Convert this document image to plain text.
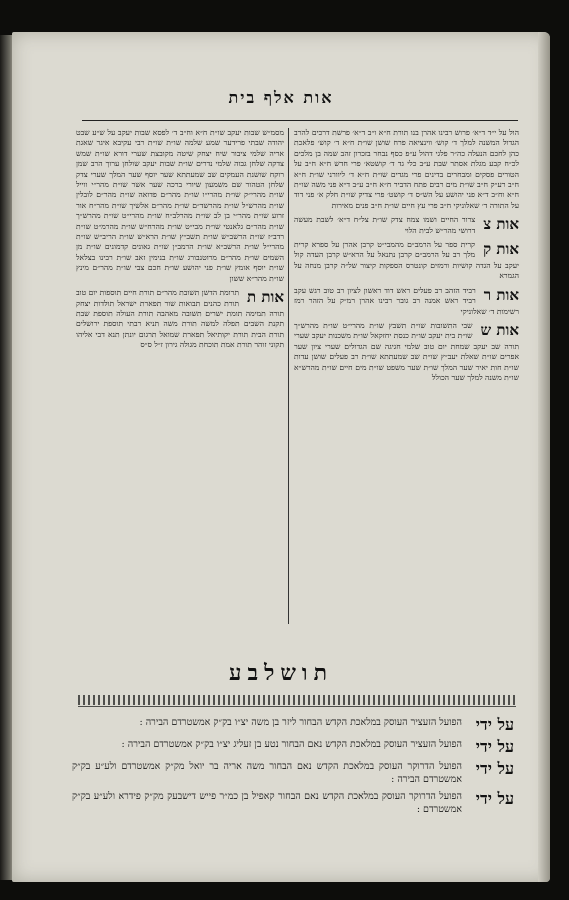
אות אלף בית
הול על י״ד ד״א׳ פרוש רבינו אהרן בנו תורת ח״א ו״ב ד״א׳ פרשת דרכים להרב הגדול המשנה למלך ד׳ קוש׳ ווינציאה פרח שושן שו״ת ח״א ד׳ קוש׳ פלאכת כהן לחכם הנעלה כה״ר פלגי דהול ע״פ כסף נבחר בזכרון זהב שמה בן מלכים לכ״ח קבע מגלת אסתר שבת ע״ב כלי גד ד׳ קושטא׳ פרי חדש ח״א ח״ב על הטורים פסקים ומבחרים בדינים פרי מגדים שו״ת ח״א ד׳ ליוורני שו״ת ח״א ח״ב רע״ק ח״ב שו״ת מים רבים פתח הדביר ח״א ח״ב ע״ב ד״א פני משה שו״ת ח״א וח״ב ד״א פני יהושע על הש״ס ד׳ קושט׳ פרי צדיק שו״ת חלק א׳ פני דוד על התורה ד׳ שאלוניקי ח״ב פרי עץ חיים שו״ת ח״ב פנים מאירות
אות צ
צרור החיים ושמו צמח צדק שו״ת צל״ח ד״א׳ לשבת מעשה דרושי מהר״ש לבית הלוי
אות ק
קרית ספר על הרמב״ם מהמבי״ט קרבן אהרן על ספרא קרית מלך רב על הרמב״ם קרבן נתנאל על הרא״ש קרבן העדה קול יעקב על הגדה קושיות ורמזים קונטרס הספקות קיצור של״ה קרבן מנחה על הגמרא
אות ר
רביד הזהב רב פעלים ראש דוד ראשון לציון רב טוב רגש עקב רביד ראש אמנה רב גובר רבינו אהרן רמ״ק על הזהר רמז רשימות ד׳ שאלוניקי
אות ש
שבי התשובות שו״ת תשבץ שו״ת מהרי״ט שו״ת מהרש״ך שו״ת בית יעקב שו״ת כנסת יחזקאל שו״ת משכנות יעקב שערי תורה שב יעקב שמחת יום טוב שלמי חגיגה שם הגדולים שערי ציון שער אפרים שו״ת שאלת יעב״ץ שו״ת שב שמעתתא שו״ת רב פעלים שושן עדות שו״ת חות יאיר שער המלך שו״ת שער משפט שו״ת מים חיים שו״ת מהרש״א שו״ת משנה למלך שער הכולל
מסמ״ש שבות יעקב שו״ת ח״א וח״ב ד׳ לפסא שבות יעקב על ש״ע שבט יהודה שבתי פרידער שמע שלמה שו״ת שו״ת רבי עקיבא איגר שאגת אריה שלמי ציבור שיח יצחק שיטה מקובצת שערי דורא שו״ת שמש צדקה שלחן גבוה שלמי נדרים שו״ת שבות יעקב שולחן ערוך הרב שמן רוקח שושנת העמקים שב שמעתתא שער יוסף שער המלך שערי צדק שלחן הטהור שם משמעון שיורי ברכה שער אשר שו״ת מהר״י ווייל שו״ת מהרי״ק שו״ת מהרי״ו שו״ת מהר״ם פדואה שו״ת מהר״ם לובלין שו״ת מהרש״ל שו״ת מהרשד״ם שו״ת מהר״ם אלשיך שו״ת מהר״ח אור זרוע שו״ת מהר״י בן לב שו״ת מהרלב״ח שו״ת מהרי״ט שו״ת מהרש״ך שו״ת מהר״ם גלאנטי שו״ת מבי״ט שו״ת מהרח״ש שו״ת מהרמ״ט שו״ת רדב״ז שו״ת הרשב״ש שו״ת תשב״ץ שו״ת הרא״ש שו״ת הריב״ש שו״ת מהרי״ל שו״ת הרשב״א שו״ת הרמב״ן שו״ת גאונים קדמונים שו״ת מן השמים שו״ת מהר״ם מרוטנבורג שו״ת בנימין זאב שו״ת רבינו בצלאל שו״ת יוסף אומץ שו״ת פני יהושע שו״ת חכם צבי שו״ת מהר״ם מינץ שו״ת מהר״א ששון
אות ת
תרומת הדשן תשובת מהר״ם תורת חיים תוספות יום טוב תורת כהנים תבואות שור תפארת ישראל תולדות יצחק תורה תמימה תומת ישרים תשובה מאהבה תורת העולה תוספת שבת תקנת השבים תפלה למשה תורת משה תניא רבתי תוספת ירושלים תורת הבית תורת יקותיאל תפארת שמואל תרגום יונתן תנא דבי אליהו תקוני זוהר תורת אמת תוכחת מגולה גירון ז״ל ס״ס
תושלבע
על ידי
הפועל הזעציר העוסק במלאכת הקדש הבחור ליזר בן משה יצ״ו בק״ק אמשטרדם הבירה :
על ידי
הפועל הזעציר העוסק במלאכת הקדש נאם הבחור נטע בן זעליג יצ״ו בק״ק אמשטרדם הבירה :
על ידי
הפועל הדרוקר העוסק במלאכת הקדש נאם הבחור משה אריה בר יואל מק״ק אמשטרדם ולע״ע בק״ק אמשטרדם הבירה :
על ידי
הפועל הדרוקר העוסק במלאכת הקדש נאם הבחור קאפיל בן כמ״ר פייש דישבעק מק״ק פידרא ולע״ע בק״ק אמשטרדם :
